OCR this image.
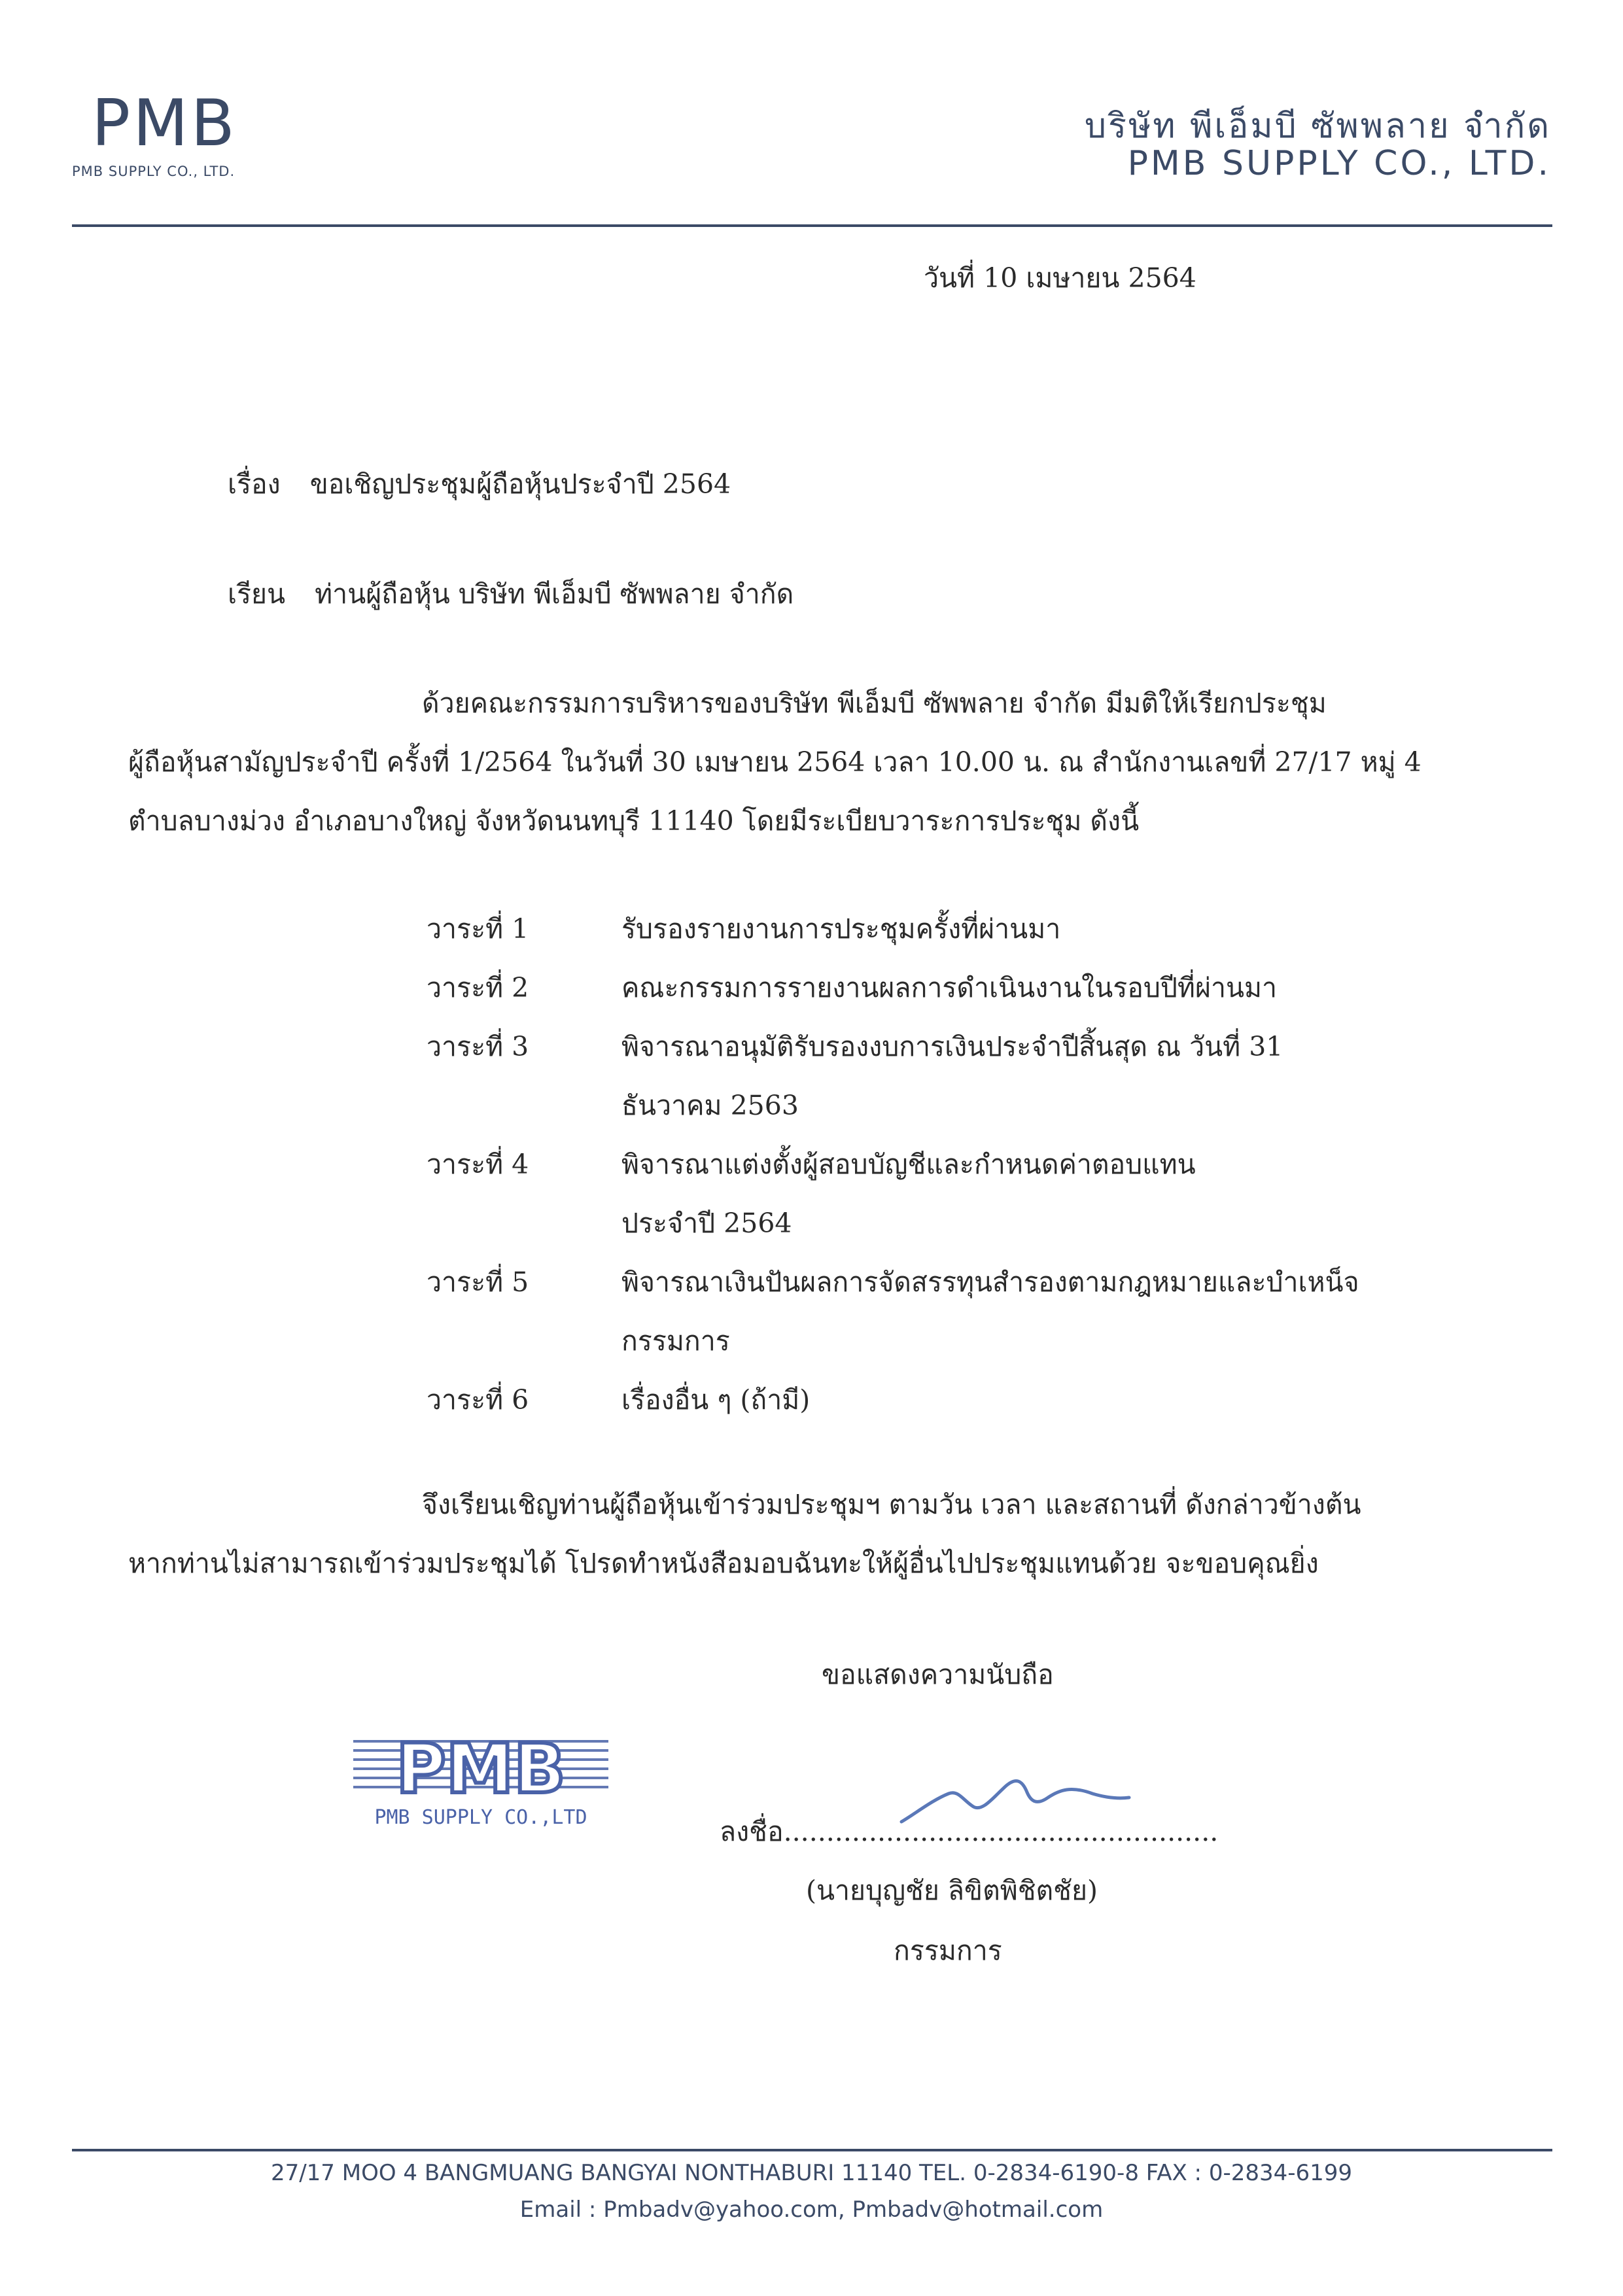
PMB
PMB SUPPLY CO., LTD.
บริษัท พีเอ็มบี ซัพพลาย จำกัด
PMB SUPPLY CO., LTD.
วันที่ 10 เมษายน 2564
เรื่อง ขอเชิญประชุมผู้ถือหุ้นประจำปี 2564
เรียน ท่านผู้ถือหุ้น บริษัท พีเอ็มบี ซัพพลาย จำกัด
ด้วยคณะกรรมการบริหารของบริษัท พีเอ็มบี ซัพพลาย จำกัด มีมติให้เรียกประชุม
ผู้ถือหุ้นสามัญประจำปี ครั้งที่ 1/2564 ในวันที่ 30 เมษายน 2564 เวลา 10.00 น. ณ สำนักงานเลขที่ 27/17 หมู่ 4
ตำบลบางม่วง อำเภอบางใหญ่ จังหวัดนนทบุรี 11140 โดยมีระเบียบวาระการประชุม ดังนี้
วาระที่ 1	รับรองรายงานการประชุมครั้งที่ผ่านมา
วาระที่ 2	คณะกรรมการรายงานผลการดำเนินงานในรอบปีที่ผ่านมา
วาระที่ 3	พิจารณาอนุมัติรับรองงบการเงินประจำปีสิ้นสุด ณ วันที่ 31
ธันวาคม 2563
วาระที่ 4	พิจารณาแต่งตั้งผู้สอบบัญชีและกำหนดค่าตอบแทน
ประจำปี 2564
วาระที่ 5	พิจารณาเงินปันผลการจัดสรรทุนสำรองตามกฎหมายและบำเหน็จ
กรรมการ
วาระที่ 6	เรื่องอื่น ๆ (ถ้ามี)
จึงเรียนเชิญท่านผู้ถือหุ้นเข้าร่วมประชุมฯ ตามวัน เวลา และสถานที่ ดังกล่าวข้างต้น
หากท่านไม่สามารถเข้าร่วมประชุมได้ โปรดทำหนังสือมอบฉันทะให้ผู้อื่นไปประชุมแทนด้วย จะขอบคุณยิ่ง
ขอแสดงความนับถือ
PMB
PMB SUPPLY CO.,LTD	ลงชื่อ...................................................
(นายบุญชัย ลิขิตพิชิตชัย)
กรรมการ
27/17 MOO 4 BANGMUANG BANGYAI NONTHABURI 11140 TEL. 0-2834-6190-8 FAX : 0-2834-6199
Email : Pmbadv@yahoo.com, Pmbadv@hotmail.com
